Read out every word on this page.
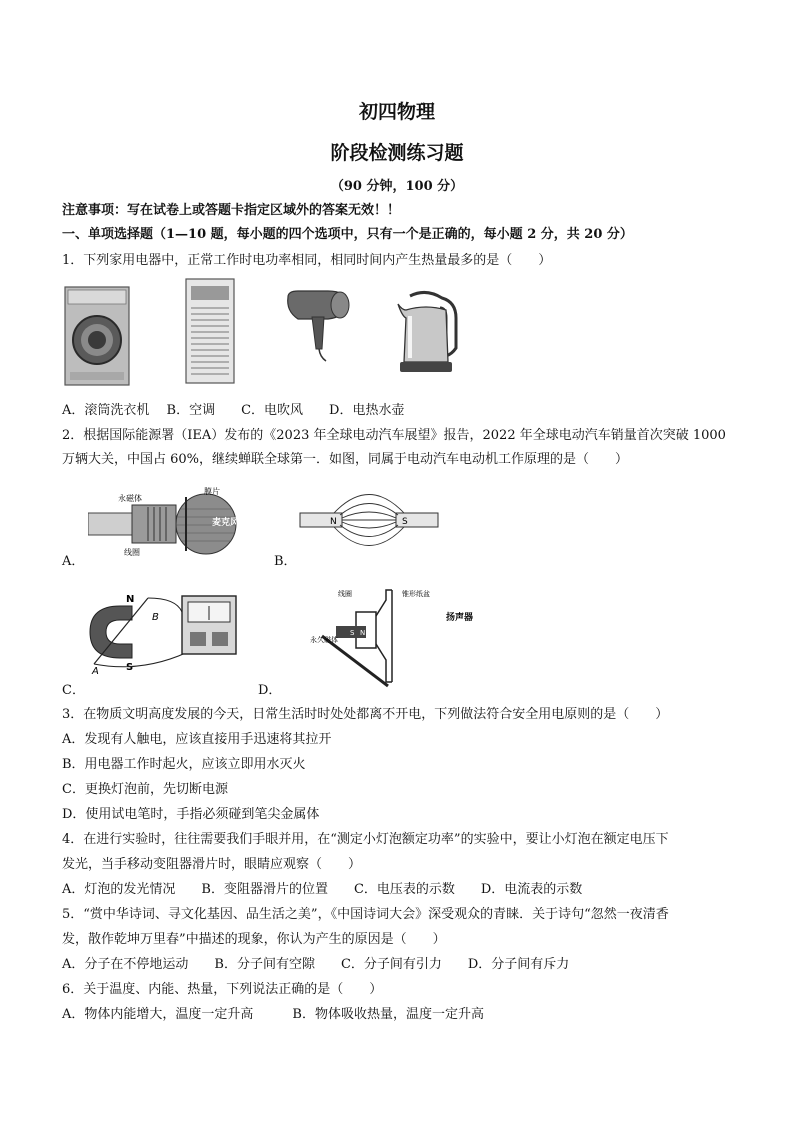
初四物理
阶段检测练习题
（90 分钟，100 分）
注意事项：写在试卷上或答题卡指定区域外的答案无效！！
一、单项选择题（1—10 题，每小题的四个选项中，只有一个是正确的，每小题 2 分，共 20 分）
1．下列家用电器中，正常工作时电功率相同，相同时间内产生热量最多的是（　　）
A．滚筒洗衣机　 B．空调　　C．电吹风　　D．电热水壶
2．根据国际能源署（IEA）发布的《2023 年全球电动汽车展望》报告，2022 年全球电动汽车销量首次突破 1000
万辆大关，中国占 60%，继续蝉联全球第一．如图，同属于电动汽车电动机工作原理的是（　　）
永磁体
膜片
麦克风
线圈
A．
N	S
B．
N
S
A
B
C．
线圈	锥形纸盆
永久磁体
扬声器
S N
D．
3．在物质文明高度发展的今天，日常生活时时处处都离不开电，下列做法符合安全用电原则的是（　　）
A．发现有人触电，应该直接用手迅速将其拉开
B．用电器工作时起火，应该立即用水灭火
C．更换灯泡前，先切断电源
D．使用试电笔时，手指必须碰到笔尖金属体
4．在进行实验时，往往需要我们手眼并用，在“测定小灯泡额定功率”的实验中，要让小灯泡在额定电压下
发光，当手移动变阻器滑片时，眼睛应观察（　　）
A．灯泡的发光情况　　B．变阻器滑片的位置　　C．电压表的示数　　D．电流表的示数
5．“赏中华诗词、寻文化基因、品生活之美”，《中国诗词大会》深受观众的青睐．关于诗句“忽然一夜清香
发，散作乾坤万里春”中描述的现象，你认为产生的原因是（　　）
A．分子在不停地运动　　B．分子间有空隙　　C．分子间有引力　　D．分子间有斥力
6．关于温度、内能、热量，下列说法正确的是（　　）
A．物体内能增大，温度一定升高　　　B．物体吸收热量，温度一定升高
